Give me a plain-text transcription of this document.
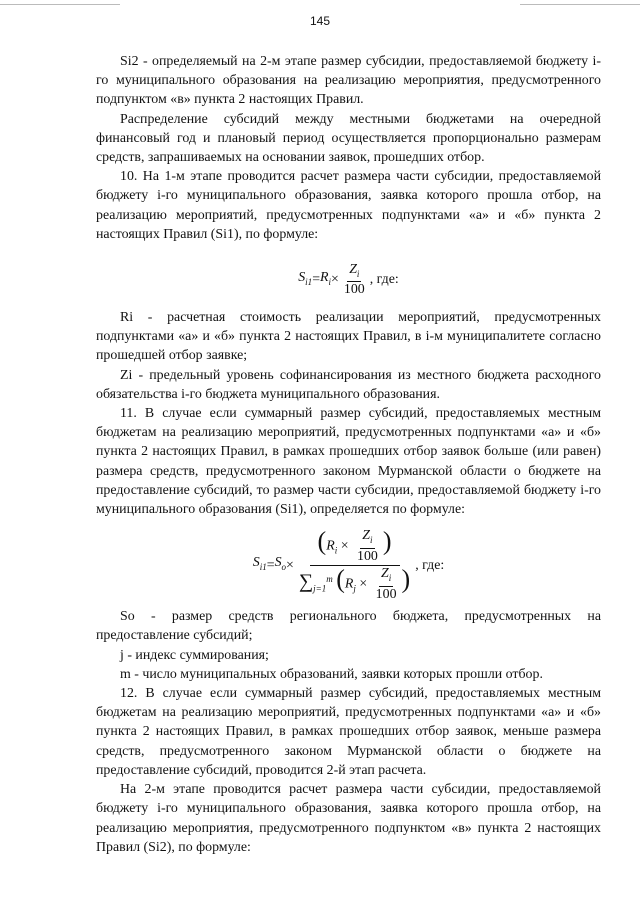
145

Si2 - определяемый на 2-м этапе размер субсидии, предоставляемой бюджету i-го муниципального образования на реализацию мероприятия, предусмотренного подпунктом «в» пункта 2 настоящих Правил.

Распределение субсидий между местными бюджетами на очередной финансовый год и плановый период осуществляется пропорционально размерам средств, запрашиваемых на основании заявок, прошедших отбор.

10. На 1-м этапе проводится расчет размера части субсидии, предоставляемой бюджету i-го муниципального образования, заявка которого прошла отбор, на реализацию мероприятий, предусмотренных подпунктами «а» и «б» пункта 2 настоящих Правил (Si1), по формуле:

$S_{i1} = R_i \times \frac{Z_i}{100}$ , где:

Ri - расчетная стоимость реализации мероприятий, предусмотренных подпунктами «а» и «б» пункта 2 настоящих Правил, в i-м муниципалитете согласно прошедшей отбор заявке;

Zi - предельный уровень софинансирования из местного бюджета расходного обязательства i-го бюджета муниципального образования.

11. В случае если суммарный размер субсидий, предоставляемых местным бюджетам на реализацию мероприятий, предусмотренных подпунктами «а» и «б» пункта 2 настоящих Правил, в рамках прошедших отбор заявок больше (или равен) размера средств, предусмотренного законом Мурманской области о бюджете на предоставление субсидий, то размер части субсидии, предоставляемой бюджету i-го муниципального образования (Si1), определяется по формуле:

$S_{i1} = S_o \times \frac{(R_i \times \frac{Z_i}{100} )}{\sum_{j=1}^m (R_j \times \frac{Z_i}{100} )}$ , где:

So - размер средств регионального бюджета, предусмотренных на предоставление субсидий;

j - индекс суммирования;

m - число муниципальных образований, заявки которых прошли отбор.

12. В случае если суммарный размер субсидий, предоставляемых местным бюджетам на реализацию мероприятий, предусмотренных подпунктами «а» и «б» пункта 2 настоящих Правил, в рамках прошедших отбор заявок, меньше размера средств, предусмотренного законом Мурманской области о бюджете на предоставление субсидий, проводится 2-й этап расчета.

На 2-м этапе проводится расчет размера части субсидии, предоставляемой бюджету i-го муниципального образования, заявка которого прошла отбор, на реализацию мероприятия, предусмотренного подпунктом «в» пункта 2 настоящих Правил (Si2), по формуле:
